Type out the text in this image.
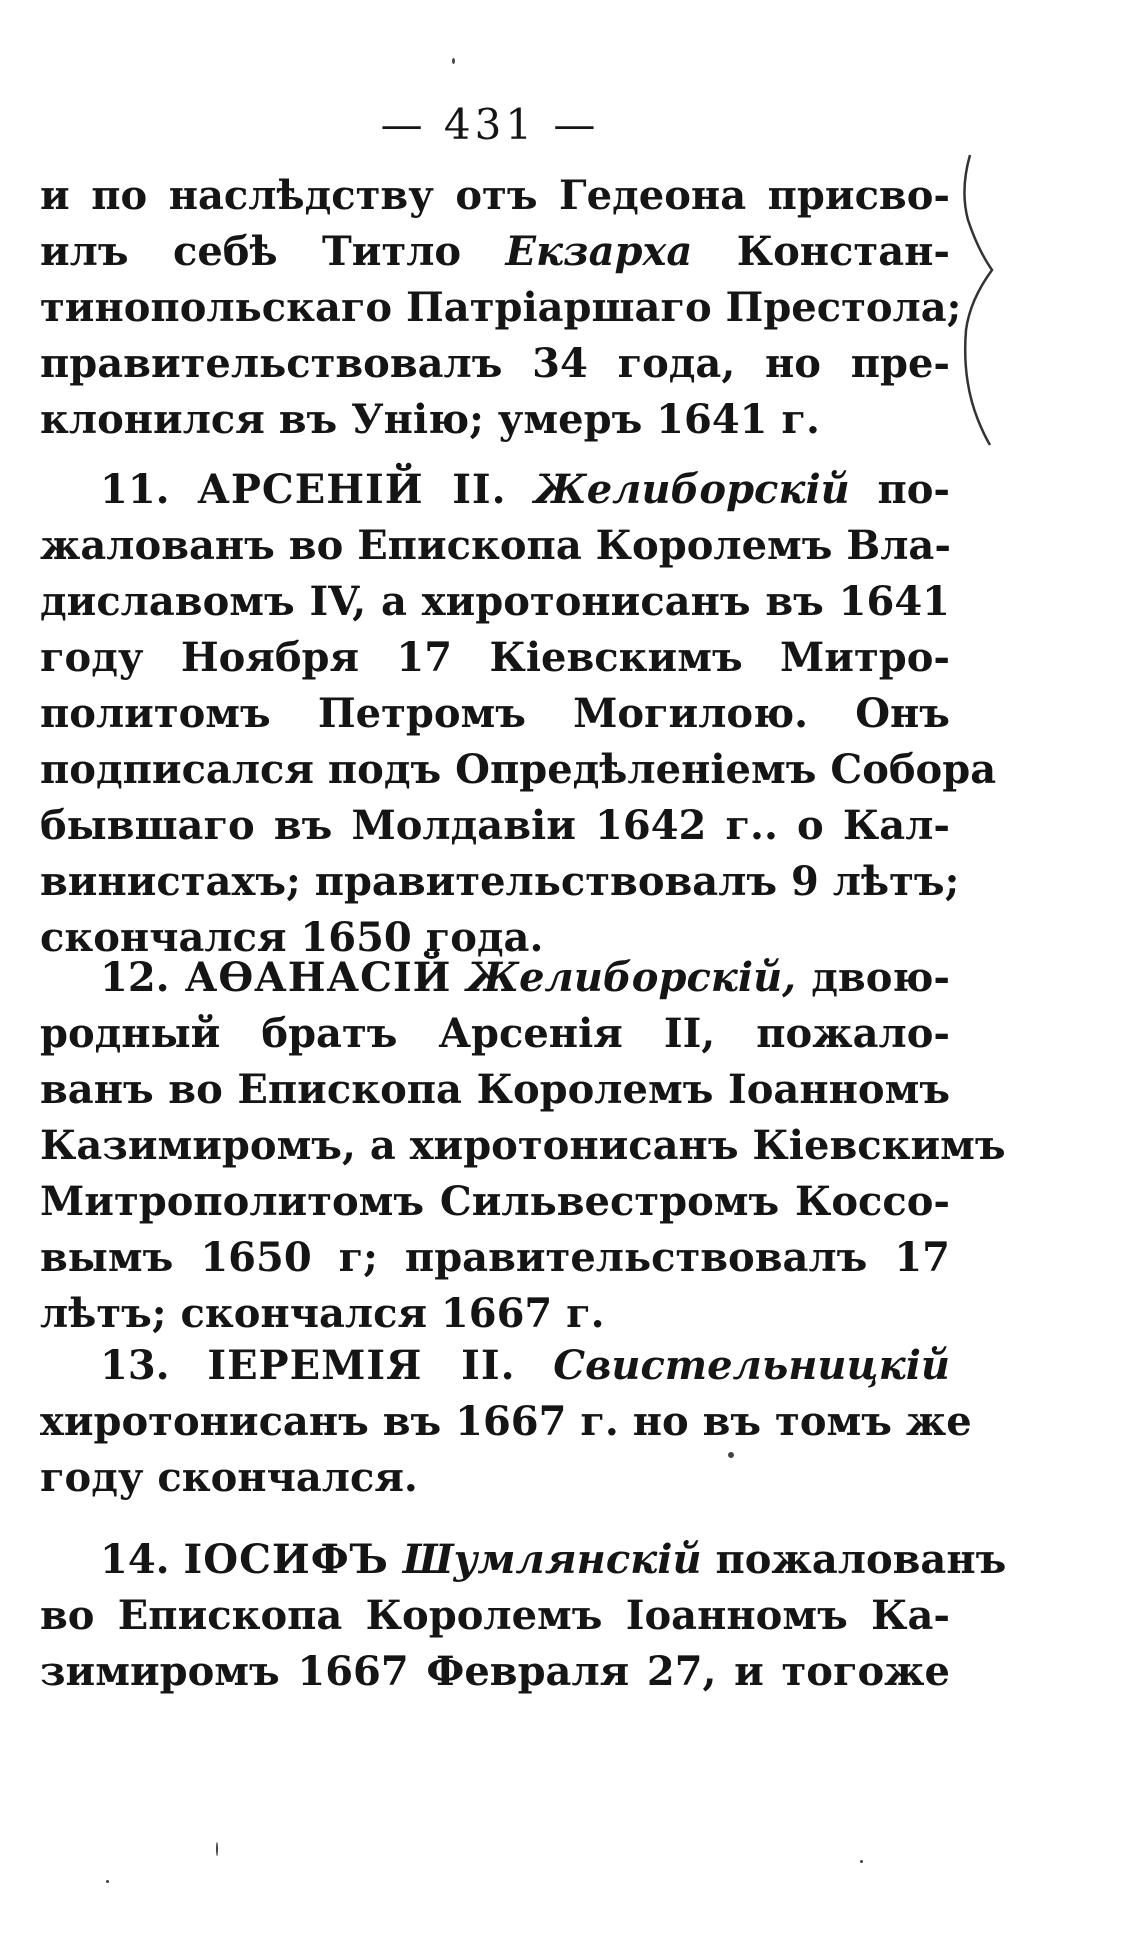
— 431 —
и по наслѣдству отъ Гедеона присво-
илъ себѣ Титло Екзарха Констан-
тинопольскаго Патріаршаго Престола;
правительствовалъ 34 года, но пре-
клонился въ Унію; умеръ 1641 г.
11. АРСЕНІЙ II. Желиборскій по-
жалованъ во Епископа Королемъ Вла-
диславомъ IV, а хиротонисанъ въ 1641
году Ноября 17 Кіевскимъ Митро-
политомъ Петромъ Могилою. Онъ
подписался подъ Опредѣленіемъ Собора
бывшаго въ Молдавіи 1642 г.. о Кал-
винистахъ; правительствовалъ 9 лѣтъ;
скончался 1650 года.
12. АѲАНАСІЙ Желиборскій, двою-
родный братъ Арсенія II, пожало-
ванъ во Епископа Королемъ Іоанномъ
Казимиромъ, а хиротонисанъ Кіевскимъ
Митрополитомъ Сильвестромъ Коссо-
вымъ 1650 г; правительствовалъ 17
лѣтъ; скончался 1667 г.
13. ІЕРЕМІЯ II. Свистельницкій
хиротонисанъ въ 1667 г. но въ томъ же
году скончался.
14. ІОСИФЪ Шумлянскій пожалованъ
во Епископа Королемъ Іоанномъ Ка-
зимиромъ 1667 Февраля 27, и тогоже
